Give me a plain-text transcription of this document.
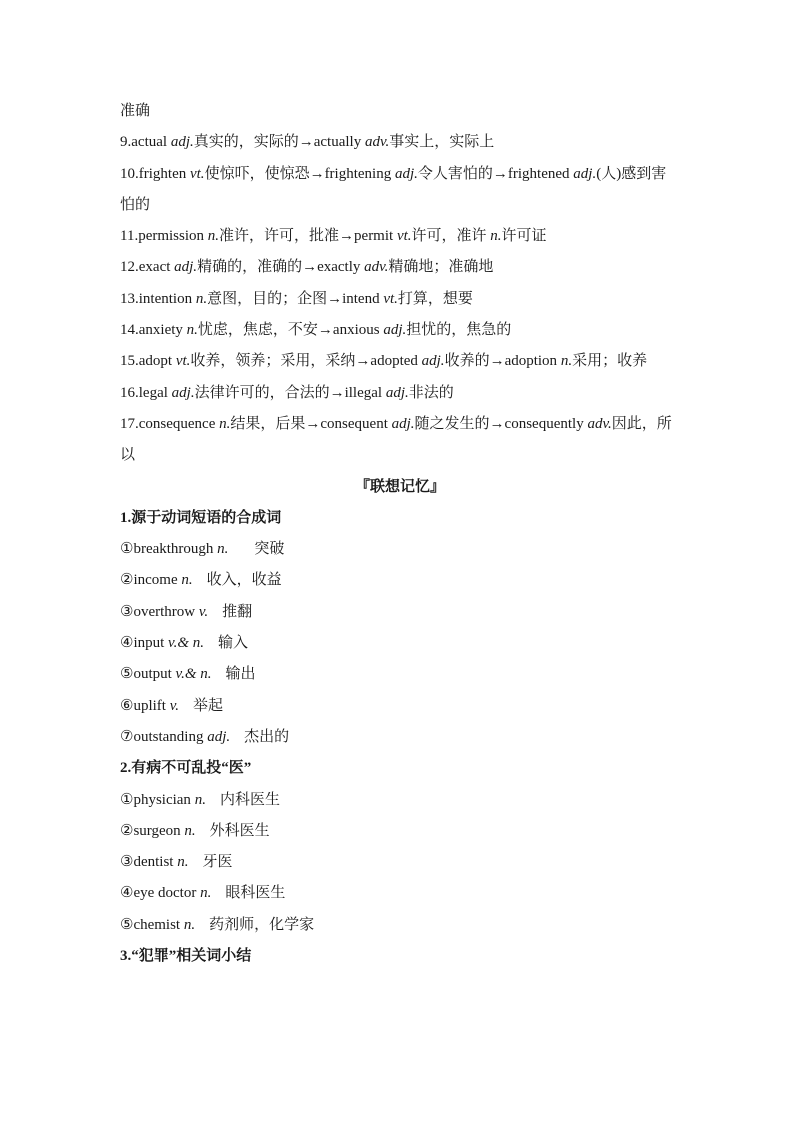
准确
9.actual adj.真实的，实际的→actually adv.事实上，实际上
10.frighten vt.使惊吓，使惊恐→frightening adj.令人害怕的→frightened adj.(人)感到害怕的
11.permission n.准许，许可，批准→permit vt.许可，准许 n.许可证
12.exact adj.精确的，准确的→exactly adv.精确地；准确地
13.intention n.意图，目的；企图→intend vt.打算，想要
14.anxiety n.忧虑，焦虑，不安→anxious adj.担忧的，焦急的
15.adopt vt.收养，领养；采用，采纳→adopted adj.收养的→adoption n.采用；收养
16.legal adj.法律许可的，合法的→illegal adj.非法的
17.consequence n.结果，后果→consequent adj.随之发生的→consequently adv.因此，所以
『联想记忆』
1.源于动词短语的合成词
①breakthrough n. 突破
②income n. 收入，收益
③overthrow v. 推翻
④input v.& n. 输入
⑤output v.& n. 输出
⑥uplift v. 举起
⑦outstanding adj. 杰出的
2.有病不可乱投“医”
①physician n. 内科医生
②surgeon n. 外科医生
③dentist n. 牙医
④eye doctor n. 眼科医生
⑤chemist n. 药剂师，化学家
3.“犯罪”相关词小结
